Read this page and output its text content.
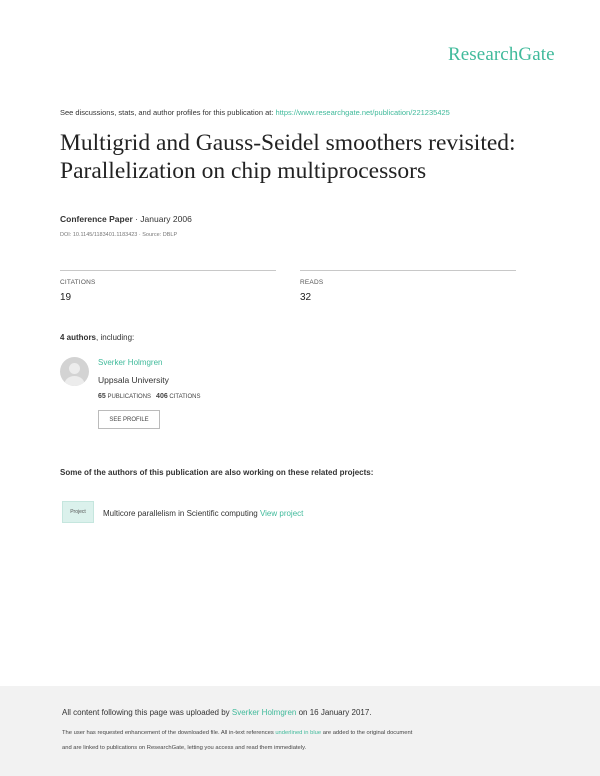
ResearchGate
See discussions, stats, and author profiles for this publication at: https://www.researchgate.net/publication/221235425
Multigrid and Gauss-Seidel smoothers revisited:
Parallelization on chip multiprocessors
Conference Paper · January 2006
DOI: 10.1145/1183401.1183423 · Source: DBLP
CITATIONS
19
READS
32
4 authors, including:
Sverker Holmgren
Uppsala University
65 PUBLICATIONS 406 CITATIONS
SEE PROFILE
Some of the authors of this publication are also working on these related projects:
Project	Multicore parallelism in Scientific computing View project
All content following this page was uploaded by Sverker Holmgren on 16 January 2017.
The user has requested enhancement of the downloaded file. All in-text references underlined in blue are added to the original document
and are linked to publications on ResearchGate, letting you access and read them immediately.
